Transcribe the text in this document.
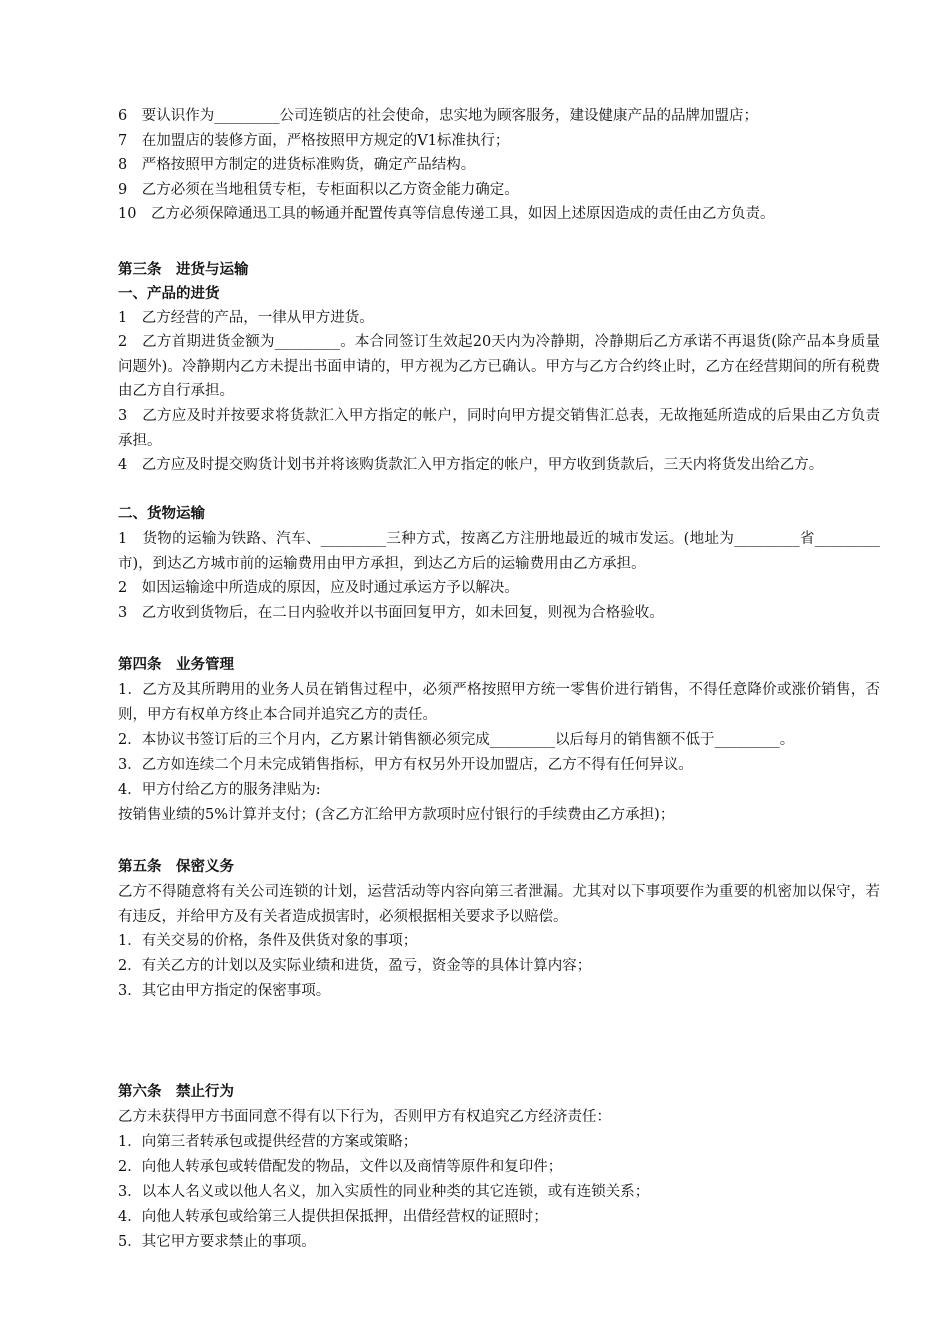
6　要认识作为_________公司连锁店的社会使命，忠实地为顾客服务，建设健康产品的品牌加盟店；
7　在加盟店的装修方面，严格按照甲方规定的V1标准执行；
8　严格按照甲方制定的进货标准购货，确定产品结构。
9　乙方必须在当地租赁专柜，专柜面积以乙方资金能力确定。
10　乙方必须保障通迅工具的畅通并配置传真等信息传递工具，如因上述原因造成的责任由乙方负责。
第三条　进货与运输
一、产品的进货
1　乙方经营的产品，一律从甲方进货。
2　乙方首期进货金额为_________。本合同签订生效起20天内为冷静期，冷静期后乙方承诺不再退货(除产品本身质量问题外)。冷静期内乙方未提出书面申请的，甲方视为乙方已确认。甲方与乙方合约终止时，乙方在经营期间的所有税费由乙方自行承担。
3　乙方应及时并按要求将货款汇入甲方指定的帐户，同时向甲方提交销售汇总表，无故拖延所造成的后果由乙方负责承担。
4　乙方应及时提交购货计划书并将该购货款汇入甲方指定的帐户，甲方收到货款后，三天内将货发出给乙方。
二、货物运输
1　货物的运输为铁路、汽车、_________三种方式，按离乙方注册地最近的城市发运。(地址为_________省_________市)，到达乙方城市前的运输费用由甲方承担，到达乙方后的运输费用由乙方承担。
2　如因运输途中所造成的原因，应及时通过承运方予以解决。
3　乙方收到货物后，在二日内验收并以书面回复甲方，如未回复，则视为合格验收。
第四条　业务管理
1．乙方及其所聘用的业务人员在销售过程中，必须严格按照甲方统一零售价进行销售，不得任意降价或涨价销售，否则，甲方有权单方终止本合同并追究乙方的责任。
2．本协议书签订后的三个月内，乙方累计销售额必须完成_________以后每月的销售额不低于_________。
3．乙方如连续二个月未完成销售指标，甲方有权另外开设加盟店，乙方不得有任何异议。
4．甲方付给乙方的服务津贴为:
按销售业绩的5%计算并支付；(含乙方汇给甲方款项时应付银行的手续费由乙方承担)；
第五条　保密义务
乙方不得随意将有关公司连锁的计划，运营活动等内容向第三者泄漏。尤其对以下事项要作为重要的机密加以保守，若有违反，并给甲方及有关者造成损害时，必须根据相关要求予以赔偿。
1．有关交易的价格，条件及供货对象的事项；
2．有关乙方的计划以及实际业绩和进货，盈亏，资金等的具体计算内容；
3．其它由甲方指定的保密事项。
第六条　禁止行为
乙方未获得甲方书面同意不得有以下行为，否则甲方有权追究乙方经济责任：
1．向第三者转承包或提供经营的方案或策略；
2．向他人转承包或转借配发的物品，文件以及商情等原件和复印件；
3．以本人名义或以他人名义，加入实质性的同业种类的其它连锁，或有连锁关系；
4．向他人转承包或给第三人提供担保抵押，出借经营权的证照时；
5．其它甲方要求禁止的事项。
